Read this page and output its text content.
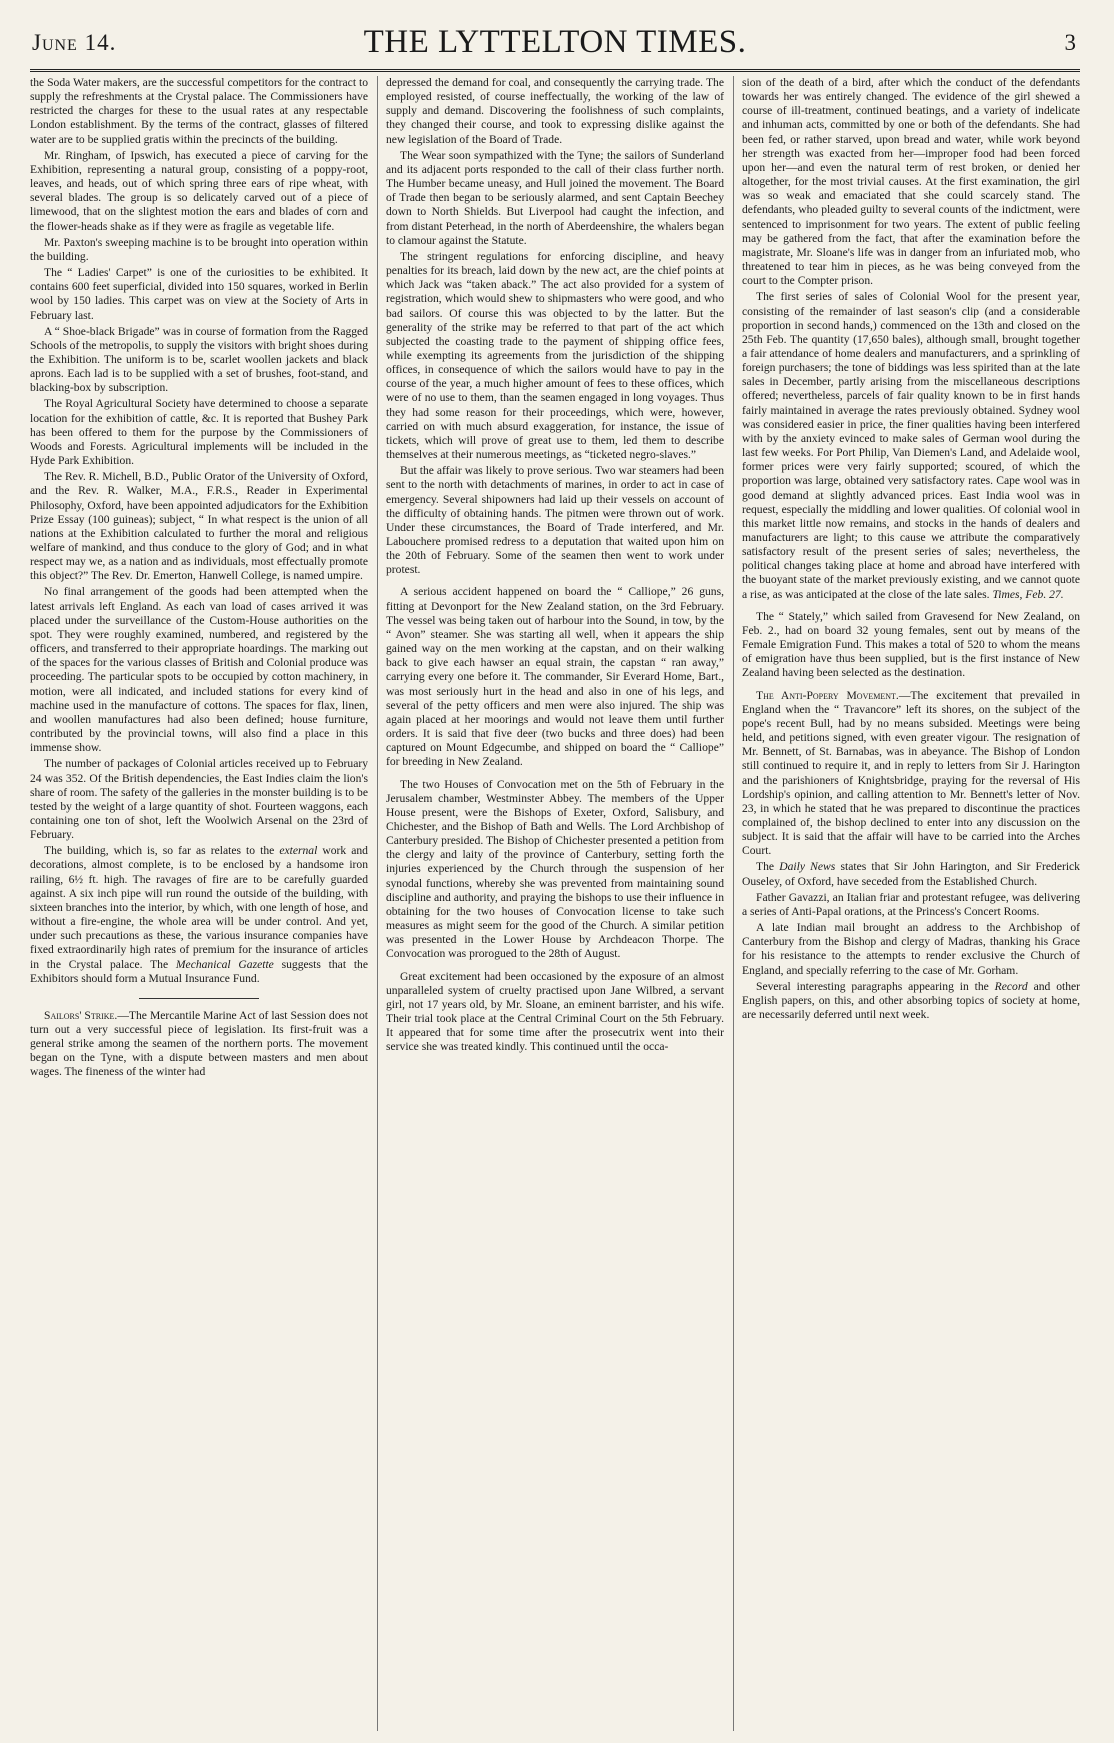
June 14.	THE LYTTELTON TIMES.	3

the Soda Water makers, are the successful competitors for the contract to supply the refreshments at the Crystal palace. The Commissioners have restricted the charges for these to the usual rates at any respectable London establishment. By the terms of the contract, glasses of filtered water are to be supplied gratis within the precincts of the building.

Mr. Ringham, of Ipswich, has executed a piece of carving for the Exhibition, representing a natural group, consisting of a poppy-root, leaves, and heads, out of which spring three ears of ripe wheat, with several blades. The group is so delicately carved out of a piece of limewood, that on the slightest motion the ears and blades of corn and the flower-heads shake as if they were as fragile as vegetable life.

Mr. Paxton's sweeping machine is to be brought into operation within the building.

The “ Ladies' Carpet” is one of the curiosities to be exhibited. It contains 600 feet superficial, divided into 150 squares, worked in Berlin wool by 150 ladies. This carpet was on view at the Society of Arts in February last.

A “ Shoe-black Brigade” was in course of formation from the Ragged Schools of the metropolis, to supply the visitors with bright shoes during the Exhibition. The uniform is to be, scarlet woollen jackets and black aprons. Each lad is to be supplied with a set of brushes, foot-stand, and blacking-box by subscription.

The Royal Agricultural Society have determined to choose a separate location for the exhibition of cattle, &c. It is reported that Bushey Park has been offered to them for the purpose by the Commissioners of Woods and Forests. Agricultural implements will be included in the Hyde Park Exhibition.

The Rev. R. Michell, B.D., Public Orator of the University of Oxford, and the Rev. R. Walker, M.A., F.R.S., Reader in Experimental Philosophy, Oxford, have been appointed adjudicators for the Exhibition Prize Essay (100 guineas); subject, “ In what respect is the union of all nations at the Exhibition calculated to further the moral and religious welfare of mankind, and thus conduce to the glory of God; and in what respect may we, as a nation and as individuals, most effectually promote this object?” The Rev. Dr. Emerton, Hanwell College, is named umpire.

No final arrangement of the goods had been attempted when the latest arrivals left England. As each van load of cases arrived it was placed under the surveillance of the Custom-House authorities on the spot. They were roughly examined, numbered, and registered by the officers, and transferred to their appropriate hoardings. The marking out of the spaces for the various classes of British and Colonial produce was proceeding. The particular spots to be occupied by cotton machinery, in motion, were all indicated, and included stations for every kind of machine used in the manufacture of cottons. The spaces for flax, linen, and woollen manufactures had also been defined; house furniture, contributed by the provincial towns, will also find a place in this immense show.

The number of packages of Colonial articles received up to February 24 was 352. Of the British dependencies, the East Indies claim the lion's share of room. The safety of the galleries in the monster building is to be tested by the weight of a large quantity of shot. Fourteen waggons, each containing one ton of shot, left the Woolwich Arsenal on the 23rd of February.

The building, which is, so far as relates to the external work and decorations, almost complete, is to be enclosed by a handsome iron railing, 6½ ft. high. The ravages of fire are to be carefully guarded against. A six inch pipe will run round the outside of the building, with sixteen branches into the interior, by which, with one length of hose, and without a fire-engine, the whole area will be under control. And yet, under such precautions as these, the various insurance companies have fixed extraordinarily high rates of premium for the insurance of articles in the Crystal palace. The Mechanical Gazette suggests that the Exhibitors should form a Mutual Insurance Fund.

Sailors' Strike.—The Mercantile Marine Act of last Session does not turn out a very successful piece of legislation. Its first-fruit was a general strike among the seamen of the northern ports. The movement began on the Tyne, with a dispute between masters and men about wages. The fineness of the winter had

depressed the demand for coal, and consequently the carrying trade. The employed resisted, of course ineffectually, the working of the law of supply and demand. Discovering the foolishness of such complaints, they changed their course, and took to expressing dislike against the new legislation of the Board of Trade.

The Wear soon sympathized with the Tyne; the sailors of Sunderland and its adjacent ports responded to the call of their class further north. The Humber became uneasy, and Hull joined the movement. The Board of Trade then began to be seriously alarmed, and sent Captain Beechey down to North Shields. But Liverpool had caught the infection, and from distant Peterhead, in the north of Aberdeenshire, the whalers began to clamour against the Statute.

The stringent regulations for enforcing discipline, and heavy penalties for its breach, laid down by the new act, are the chief points at which Jack was “taken aback.” The act also provided for a system of registration, which would shew to shipmasters who were good, and who bad sailors. Of course this was objected to by the latter. But the generality of the strike may be referred to that part of the act which subjected the coasting trade to the payment of shipping office fees, while exempting its agreements from the jurisdiction of the shipping offices, in consequence of which the sailors would have to pay in the course of the year, a much higher amount of fees to these offices, which were of no use to them, than the seamen engaged in long voyages. Thus they had some reason for their proceedings, which were, however, carried on with much absurd exaggeration, for instance, the issue of tickets, which will prove of great use to them, led them to describe themselves at their numerous meetings, as “ticketed negro-slaves.”

But the affair was likely to prove serious. Two war steamers had been sent to the north with detachments of marines, in order to act in case of emergency. Several shipowners had laid up their vessels on account of the difficulty of obtaining hands. The pitmen were thrown out of work. Under these circumstances, the Board of Trade interfered, and Mr. Labouchere promised redress to a deputation that waited upon him on the 20th of February. Some of the seamen then went to work under protest.

A serious accident happened on board the “ Calliope,” 26 guns, fitting at Devonport for the New Zealand station, on the 3rd February. The vessel was being taken out of harbour into the Sound, in tow, by the “ Avon” steamer. She was starting all well, when it appears the ship gained way on the men working at the capstan, and on their walking back to give each hawser an equal strain, the capstan “ ran away,” carrying every one before it. The commander, Sir Everard Home, Bart., was most seriously hurt in the head and also in one of his legs, and several of the petty officers and men were also injured. The ship was again placed at her moorings and would not leave them until further orders. It is said that five deer (two bucks and three does) had been captured on Mount Edgecumbe, and shipped on board the “ Calliope” for breeding in New Zealand.

The two Houses of Convocation met on the 5th of February in the Jerusalem chamber, Westminster Abbey. The members of the Upper House present, were the Bishops of Exeter, Oxford, Salisbury, and Chichester, and the Bishop of Bath and Wells. The Lord Archbishop of Canterbury presided. The Bishop of Chichester presented a petition from the clergy and laity of the province of Canterbury, setting forth the injuries experienced by the Church through the suspension of her synodal functions, whereby she was prevented from maintaining sound discipline and authority, and praying the bishops to use their influence in obtaining for the two houses of Convocation license to take such measures as might seem for the good of the Church. A similar petition was presented in the Lower House by Archdeacon Thorpe. The Convocation was prorogued to the 28th of August.

Great excitement had been occasioned by the exposure of an almost unparalleled system of cruelty practised upon Jane Wilbred, a servant girl, not 17 years old, by Mr. Sloane, an eminent barrister, and his wife. Their trial took place at the Central Criminal Court on the 5th February. It appeared that for some time after the prosecutrix went into their service she was treated kindly. This continued until the occa-

sion of the death of a bird, after which the conduct of the defendants towards her was entirely changed. The evidence of the girl shewed a course of ill-treatment, continued beatings, and a variety of indelicate and inhuman acts, committed by one or both of the defendants. She had been fed, or rather starved, upon bread and water, while work beyond her strength was exacted from her—improper food had been forced upon her—and even the natural term of rest broken, or denied her altogether, for the most trivial causes. At the first examination, the girl was so weak and emaciated that she could scarcely stand. The defendants, who pleaded guilty to several counts of the indictment, were sentenced to imprisonment for two years. The extent of public feeling may be gathered from the fact, that after the examination before the magistrate, Mr. Sloane's life was in danger from an infuriated mob, who threatened to tear him in pieces, as he was being conveyed from the court to the Compter prison.

The first series of sales of Colonial Wool for the present year, consisting of the remainder of last season's clip (and a considerable proportion in second hands,) commenced on the 13th and closed on the 25th Feb. The quantity (17,650 bales), although small, brought together a fair attendance of home dealers and manufacturers, and a sprinkling of foreign purchasers; the tone of biddings was less spirited than at the late sales in December, partly arising from the miscellaneous descriptions offered; nevertheless, parcels of fair quality known to be in first hands fairly maintained in average the rates previously obtained. Sydney wool was considered easier in price, the finer qualities having been interfered with by the anxiety evinced to make sales of German wool during the last few weeks. For Port Philip, Van Diemen's Land, and Adelaide wool, former prices were very fairly supported; scoured, of which the proportion was large, obtained very satisfactory rates. Cape wool was in good demand at slightly advanced prices. East India wool was in request, especially the middling and lower qualities. Of colonial wool in this market little now remains, and stocks in the hands of dealers and manufacturers are light; to this cause we attribute the comparatively satisfactory result of the present series of sales; nevertheless, the political changes taking place at home and abroad have interfered with the buoyant state of the market previously existing, and we cannot quote a rise, as was anticipated at the close of the late sales. Times, Feb. 27.

The “ Stately,” which sailed from Gravesend for New Zealand, on Feb. 2., had on board 32 young females, sent out by means of the Female Emigration Fund. This makes a total of 520 to whom the means of emigration have thus been supplied, but is the first instance of New Zealand having been selected as the destination.

The Anti-Popery Movement.—The excitement that prevailed in England when the “ Travancore” left its shores, on the subject of the pope's recent Bull, had by no means subsided. Meetings were being held, and petitions signed, with even greater vigour. The resignation of Mr. Bennett, of St. Barnabas, was in abeyance. The Bishop of London still continued to require it, and in reply to letters from Sir J. Harington and the parishioners of Knightsbridge, praying for the reversal of His Lordship's opinion, and calling attention to Mr. Bennett's letter of Nov. 23, in which he stated that he was prepared to discontinue the practices complained of, the bishop declined to enter into any discussion on the subject. It is said that the affair will have to be carried into the Arches Court.

The Daily News states that Sir John Harington, and Sir Frederick Ouseley, of Oxford, have seceded from the Established Church.

Father Gavazzi, an Italian friar and protestant refugee, was delivering a series of Anti-Papal orations, at the Princess's Concert Rooms.

A late Indian mail brought an address to the Archbishop of Canterbury from the Bishop and clergy of Madras, thanking his Grace for his resistance to the attempts to render exclusive the Church of England, and specially referring to the case of Mr. Gorham.

Several interesting paragraphs appearing in the Record and other English papers, on this, and other absorbing topics of society at home, are necessarily deferred until next week.
